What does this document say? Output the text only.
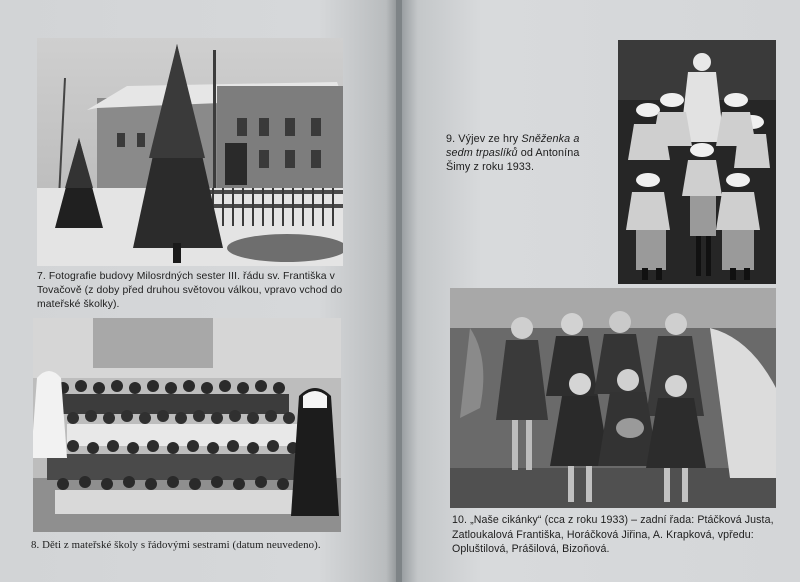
7. Fotografie budovy Milosrdných sester III. řádu sv. Františka v Tovačově (z doby před druhou světovou válkou, vpravo vchod do mateřské školky).

8. Děti z mateřské školy s řádovými sestrami (datum neuvedeno).

9. Výjev ze hry Sněženka a sedm trpaslíků od Antonína Šimy z roku 1933.

10. „Naše cikánky“ (cca z roku 1933) – zadní řada: Ptáčková Justa, Zatloukalová Františka, Horáčková Jiřina, A. Krapková, vpředu: Opluštilová, Prášilová, Bizoňová.
